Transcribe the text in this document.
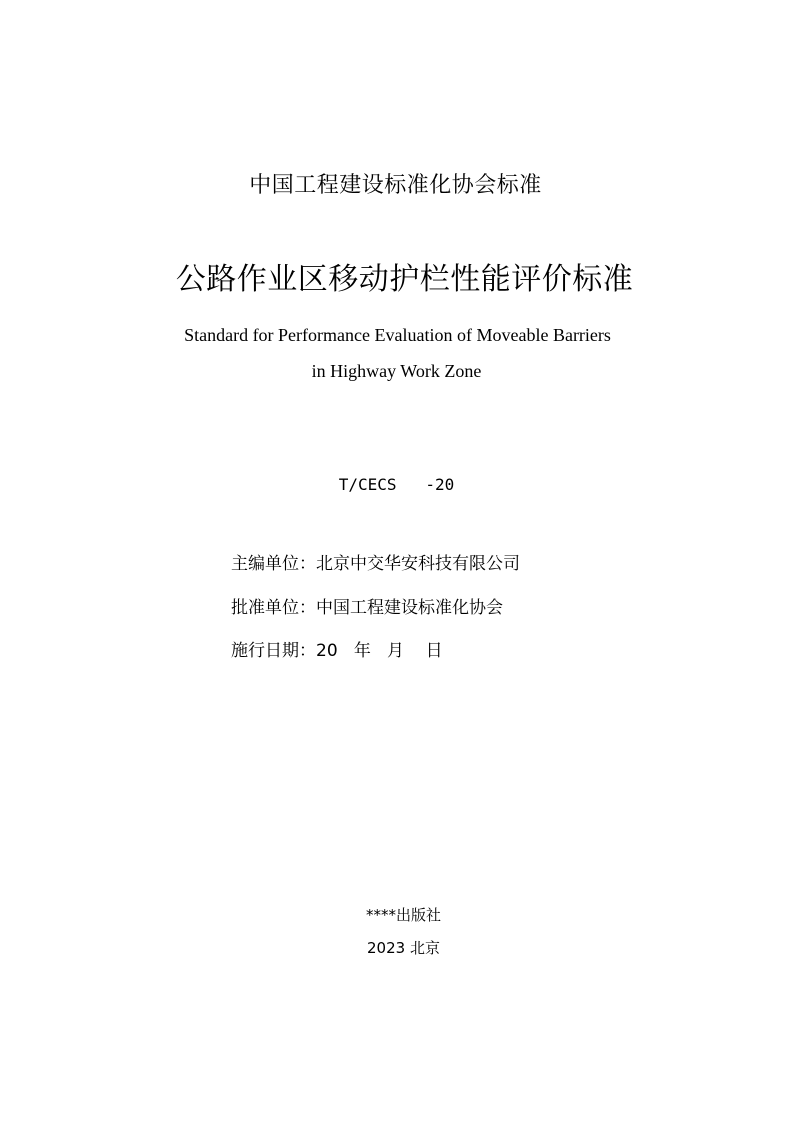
中国工程建设标准化协会标准
公路作业区移动护栏性能评价标准
Standard for Performance Evaluation of Moveable Barriers
in Highway Work Zone
T/CECS   -20
主编单位：北京中交华安科技有限公司
批准单位：中国工程建设标准化协会
施行日期：20   年   月    日
****出版社
2023 北京
